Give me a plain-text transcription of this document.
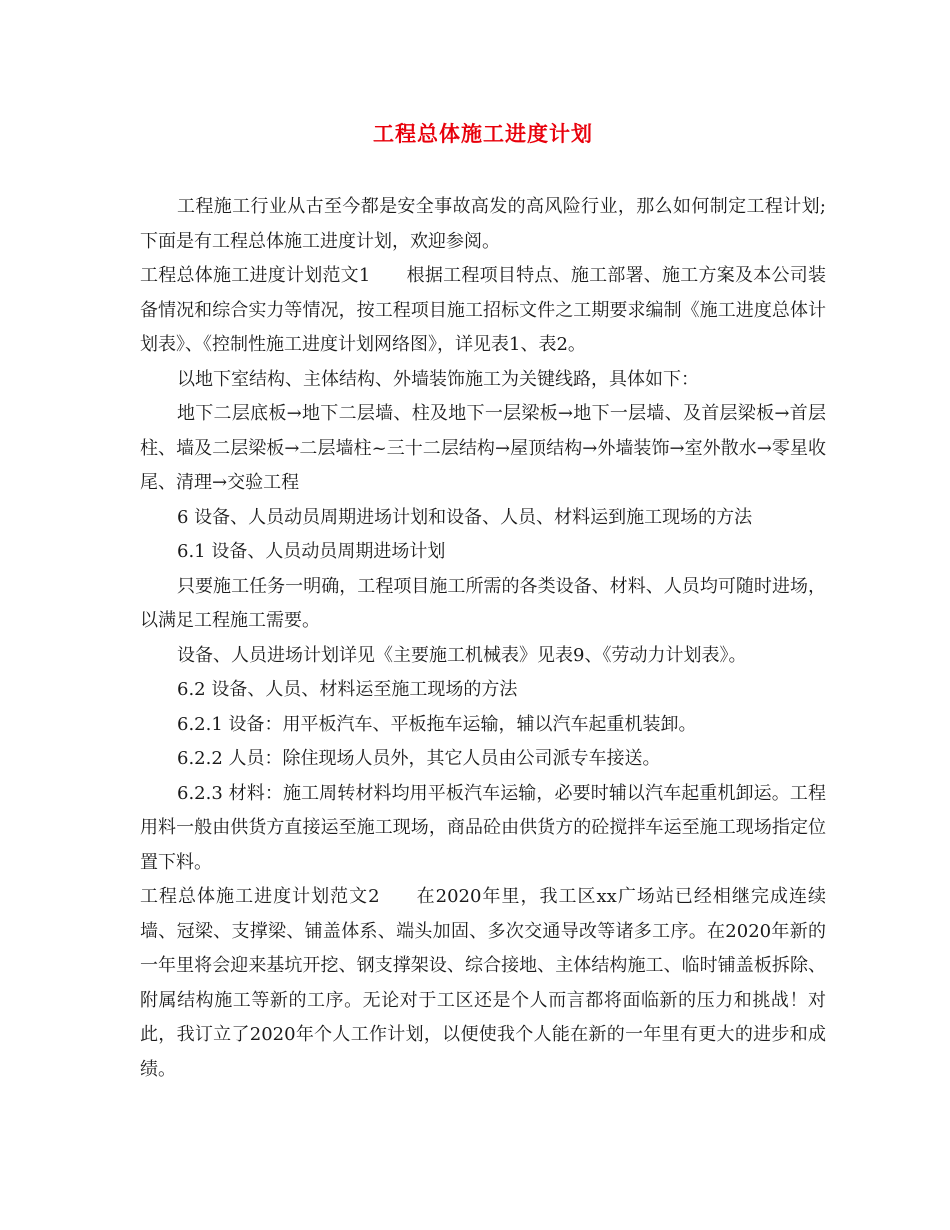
工程总体施工进度计划

工程施工行业从古至今都是安全事故高发的高风险行业，那么如何制定工程计划;下面是有工程总体施工进度计划，欢迎参阅。

工程总体施工进度计划范文1 根据工程项目特点、施工部署、施工方案及本公司装备情况和综合实力等情况，按工程项目施工招标文件之工期要求编制《施工进度总体计划表》、《控制性施工进度计划网络图》，详见表1、表2。

以地下室结构、主体结构、外墙装饰施工为关键线路，具体如下：

地下二层底板→地下二层墙、柱及地下一层梁板→地下一层墙、及首层梁板→首层柱、墙及二层梁板→二层墙柱~三十二层结构→屋顶结构→外墙装饰→室外散水→零星收尾、清理→交验工程

6 设备、人员动员周期进场计划和设备、人员、材料运到施工现场的方法

6.1 设备、人员动员周期进场计划

只要施工任务一明确，工程项目施工所需的各类设备、材料、人员均可随时进场，以满足工程施工需要。

设备、人员进场计划详见《主要施工机械表》见表9、《劳动力计划表》。

6.2 设备、人员、材料运至施工现场的方法

6.2.1 设备：用平板汽车、平板拖车运输，辅以汽车起重机装卸。

6.2.2 人员：除住现场人员外，其它人员由公司派专车接送。

6.2.3 材料：施工周转材料均用平板汽车运输，必要时辅以汽车起重机卸运。工程用料一般由供货方直接运至施工现场，商品砼由供货方的砼搅拌车运至施工现场指定位置下料。

工程总体施工进度计划范文2 在2020年里，我工区xx广场站已经相继完成连续墙、冠梁、支撑梁、铺盖体系、端头加固、多次交通导改等诸多工序。在2020年新的一年里将会迎来基坑开挖、钢支撑架设、综合接地、主体结构施工、临时铺盖板拆除、附属结构施工等新的工序。无论对于工区还是个人而言都将面临新的压力和挑战！对此，我订立了2020年个人工作计划，以便使我个人能在新的一年里有更大的进步和成绩。
